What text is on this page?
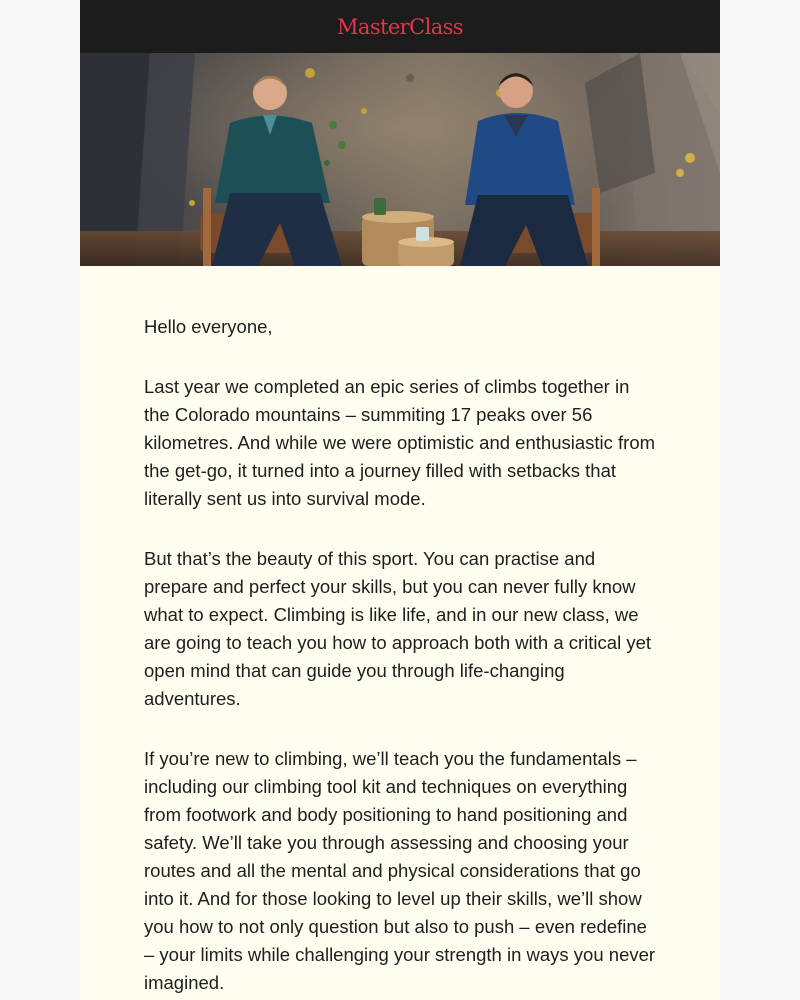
MasterClass

Hello everyone,

Last year we completed an epic series of climbs together in the Colorado mountains – summiting 17 peaks over 56 kilometres. And while we were optimistic and enthusiastic from the get-go, it turned into a journey filled with setbacks that literally sent us into survival mode.

But that’s the beauty of this sport. You can practise and prepare and perfect your skills, but you can never fully know what to expect. Climbing is like life, and in our new class, we are going to teach you how to approach both with a critical yet open mind that can guide you through life-changing adventures.

If you’re new to climbing, we’ll teach you the fundamentals – including our climbing tool kit and techniques on everything from footwork and body positioning to hand positioning and safety. We’ll take you through assessing and choosing your routes and all the mental and physical considerations that go into it. And for those looking to level up their skills, we’ll show you how to not only question but also to push – even redefine – your limits while challenging your strength in ways you never imagined.
